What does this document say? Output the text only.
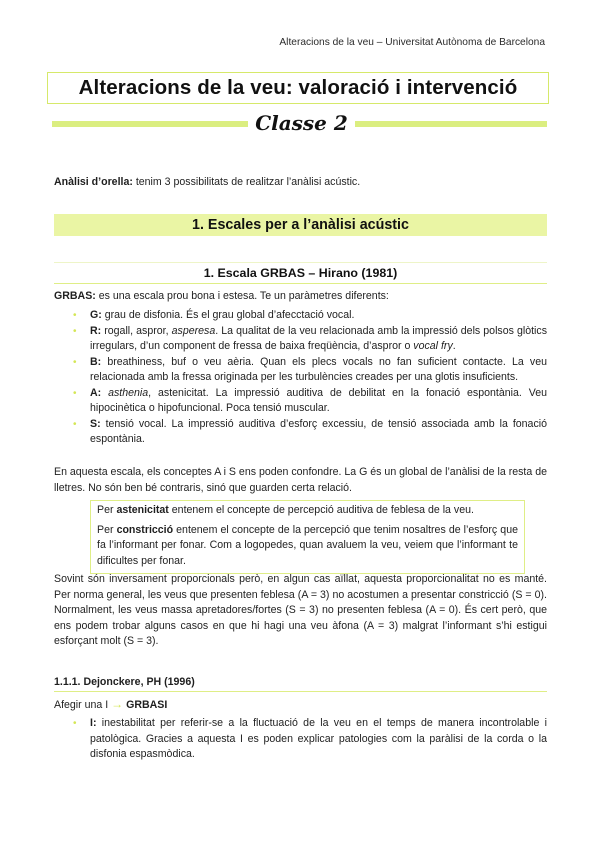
Alteracions de la veu – Universitat Autònoma de Barcelona
Alteracions de la veu: valoració i intervenció
Classe 2
Anàlisi d’orella: tenim 3 possibilitats de realitzar l’anàlisi acústic.
1. Escales per a l’anàlisi acústic
1. Escala GRBAS – Hirano (1981)
GRBAS: es una escala prou bona i estesa. Te un paràmetres diferents:
• G: grau de disfonia. És el grau global d’afecctació vocal.
• R: rogall, aspror, asperesa. La qualitat de la veu relacionada amb la impressió dels polsos glòtics irregulars, d’un component de fressa de baixa freqüència, d’aspror o vocal fry.
• B: breathiness, buf o veu aèria. Quan els plecs vocals no fan suficient contacte. La veu relacionada amb la fressa originada per les turbulències creades per una glotis insuficients.
• A: asthenia, astenicitat. La impressió auditiva de debilitat en la fonació espontània. Veu hipocinètica o hipofuncional. Poca tensió muscular.
• S: tensió vocal. La impressió auditiva d’esforç excessiu, de tensió associada amb la fonació espontània.
En aquesta escala, els conceptes A i S ens poden confondre. La G és un global de l’anàlisi de la resta de lletres. No són ben bé contraris, sinó que guarden certa relació.

Per astenicitat entenem el concepte de percepció auditiva de feblesa de la veu.

Per constricció entenem el concepte de la percepció que tenim nosaltres de l’esforç que fa l’informant per fonar. Com a logopedes, quan avaluem la veu, veiem que l’informant te dificultes per fonar.

Sovint són inversament proporcionals però, en algun cas aïllat, aquesta proporcionalitat no es manté. Per norma general, les veus que presenten feblesa (A = 3) no acostumen a presentar constricció (S = 0). Normalment, les veus massa apretadores/fortes (S = 3) no presenten feblesa (A = 0). És cert però, que ens podem trobar alguns casos en que hi hagi una veu àfona (A = 3) malgrat l’informant s’hi estigui esforçant molt (S = 3).
1.1.1. Dejonckere, PH (1996)
Afegir una I → GRBASI
• I: inestabilitat per referir-se a la fluctuació de la veu en el temps de manera incontrolable i patològica. Gracies a aquesta I es poden explicar patologies com la paràlisi de la corda o la disfonia espasmòdica.
